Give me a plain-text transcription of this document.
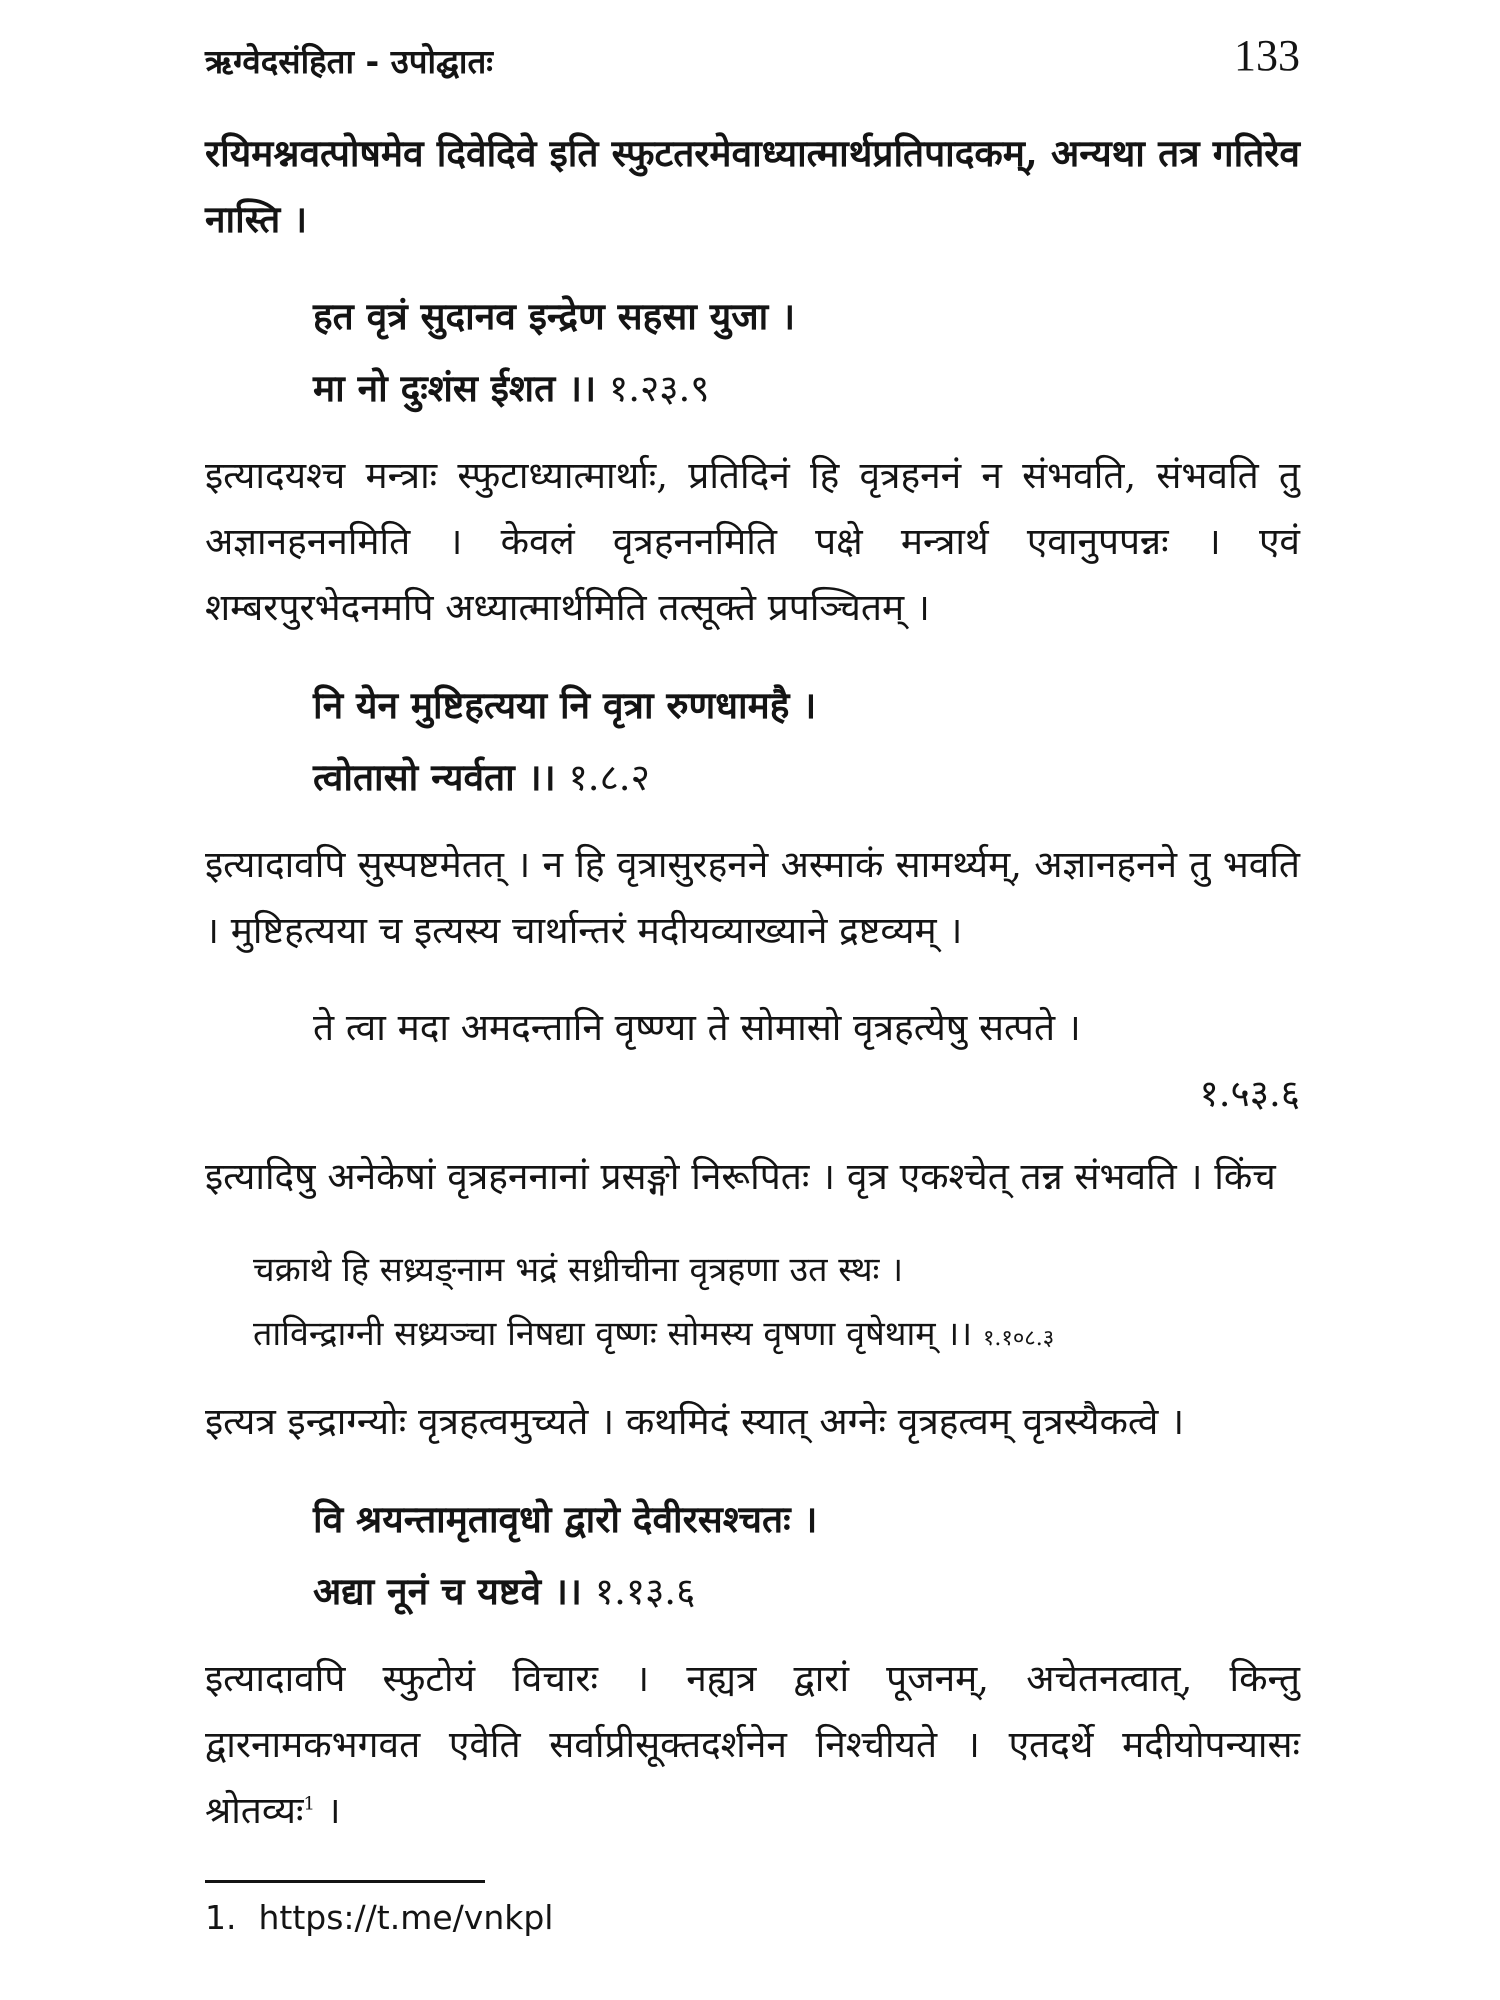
ऋग्वेदसंहिता - उपोद्घातः	133

रयिमश्नवत्पोषमेव दिवेदिवे इति स्फुटतरमेवाध्यात्मार्थप्रतिपादकम्, अन्यथा तत्र गतिरेव नास्ति ।

हत वृत्रं सुदानव इन्द्रेण सहसा युजा ।
मा नो दुःशंस ईशत ।। १.२३.९

इत्यादयश्च मन्त्राः स्फुटाध्यात्मार्थाः, प्रतिदिनं हि वृत्रहननं न संभवति, संभवति तु अज्ञानहननमिति । केवलं वृत्रहननमिति पक्षे मन्त्रार्थ एवानुपपन्नः । एवं शम्बरपुरभेदनमपि अध्यात्मार्थमिति तत्सूक्ते प्रपञ्चितम् ।

नि येन मुष्टिहत्यया नि वृत्रा रुणधामहै ।
त्वोतासो न्यर्वता ।। १.८.२

इत्यादावपि सुस्पष्टमेतत् । न हि वृत्रासुरहनने अस्माकं सामर्थ्यम्, अज्ञानहनने तु भवति । मुष्टिहत्यया च इत्यस्य चार्थान्तरं मदीयव्याख्याने द्रष्टव्यम् ।

ते त्वा मदा अमदन्तानि वृष्ण्या ते सोमासो वृत्रहत्येषु सत्पते ।
१.५३.६

इत्यादिषु अनेकेषां वृत्रहननानां प्रसङ्गो निरूपितः । वृत्र एकश्चेत् तन्न संभवति । किंच

चक्राथे हि सध्र्यङ्नाम भद्रं सध्रीचीना वृत्रहणा उत स्थः ।
ताविन्द्राग्नी सध्र्यञ्चा निषद्या वृष्णः सोमस्य वृषणा वृषेथाम् ।। १.१०८.३

इत्यत्र इन्द्राग्न्योः वृत्रहत्वमुच्यते । कथमिदं स्यात् अग्नेः वृत्रहत्वम् वृत्रस्यैकत्वे ।

वि श्रयन्तामृतावृधो द्वारो देवीरसश्चतः ।
अद्या नूनं च यष्टवे ।। १.१३.६

इत्यादावपि स्फुटोयं विचारः । नह्यत्र द्वारां पूजनम्, अचेतनत्वात्, किन्तु द्वारनामकभगवत एवेति सर्वाप्रीसूक्तदर्शनेन निश्चीयते । एतदर्थे मदीयोपन्यासः श्रोतव्यः$^1$ ।

1. https://t.me/vnkpl
